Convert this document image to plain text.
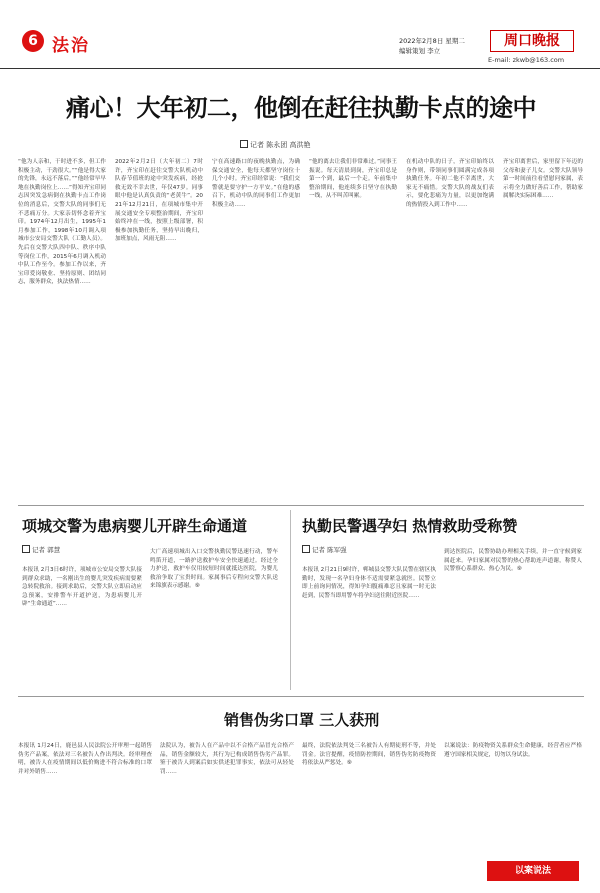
6 法治	2022年2月8日 星期二
编辑策划 李立
周口晚报
E-mail: zkwb@163.com
痛心！大年初二，他倒在赶往执勤卡点的途中
记者 陈永团 高洪艳
“他为人亲和，干时进不多，但工作积极主动，干劲很大。”“他是得大家的先锋，永远不落后。”“他经常早早地在执勤岗位上……”得知齐宝印同志因突发急病倒在执勤卡点工作岗位的消息后，交警大队的同事们无不悲痛万分。大家亲切怀念着齐宝印。1974年12月出生，1995年1月参加工作，1998年10月调入项城市公安局交警大队（工勤人员）。先后在交警大队四中队、秩序中队等岗位工作，2015年6月调入机动中队工作至今。参加工作以来，齐宝印爱岗敬业、坚持原则、团结同志，服务群众，执法热情……
2022年2月2日（大年初二）7时许，齐宝印在赶往交警大队机动中队春节值班的途中突发疾病，经抢救无效不幸去世，年仅47岁。同事眼中他是认真负责的“老黄牛”。2021年12月21日，在项城市集中开展交通安全专项整治期间，齐宝印始终冲在一线，按照上级部署，积极参加执勤任务，坚持早出晚归，加班加点，风雨无阻……
宁在高速路口的夜晚执勤点，为确保交通安全，他每天都坚守岗位十几个小时。齐宝印经常说：“我们交警就是要守护一方平安。”在他的感召下，机动中队的同事们工作更加积极主动……
“他的离去让我们非常难过。”同事王振说。每天清晨到岗，齐宝印总是第一个到，最后一个走。年前集中整治期间，他连续多日坚守在执勤一线，从不叫苦叫累。
在机动中队的日子，齐宝印始终以身作则，带领同事们圆满完成各项执勤任务。年初二他不幸离世，大家无不痛惜。交警大队的战友们表示，要化悲痛为力量，以更加饱满的热情投入到工作中……
齐宝印离世后，家里留下年迈的父母和妻子儿女。交警大队领导第一时间前往看望慰问家属，表示将全力做好善后工作，帮助家属解决实际困难……
项城交警为患病婴儿开辟生命通道
记者 郭慧
本报讯 2月3日6时许，项城市公安局交警大队接到群众求助，一名刚出生的婴儿突发疾病需要紧急转院救治。接到求助后，交警大队立即启动应急预案，安排警车开道护送，为患病婴儿开辟“生命通道”……
大广高速项城出入口交警执勤民警迅速行动，警车鸣笛开道，一路护送救护车安全快速通过。经过全力护送，救护车仅用较短时间就抵达医院，为婴儿救治争取了宝贵时间。家属事后专程向交警大队送来锦旗表示感谢。⑨
执勤民警遇孕妇 热情救助受称赞
记者 陈军强
本报讯 2月21日9时许，郸城县交警大队民警在辖区执勤时，发现一名孕妇身体不适需要紧急就医。民警立即上前询问情况，得知孕妇腹痛难忍且家属一时无法赶到，民警当即用警车将孕妇送往附近医院……
到达医院后，民警协助办理相关手续，并一直守候到家属赶来。孕妇家属对民警的热心帮助连声道谢，称赞人民警察心系群众、热心为民。⑨
销售伪劣口罩 三人获刑
本报讯 1月24日，鹿邑县人民法院公开审理一起销售伪劣产品案，依法对三名被告人作出判决。经审理查明，被告人在疫情期间以低价购进不符合标准的口罩并对外销售……
法院认为，被告人在产品中以不合格产品冒充合格产品，销售金额较大，其行为已构成销售伪劣产品罪。鉴于被告人到案后如实供述犯罪事实，依法可从轻处罚……
最终，法院依法判处三名被告人有期徒刑不等，并处罚金。法官提醒，疫情防控期间，销售伪劣防疫物资将依法从严惩处。⑨
以案说法：防疫物资关系群众生命健康，经营者应严格遵守国家相关规定，切勿以身试法。
以案说法
